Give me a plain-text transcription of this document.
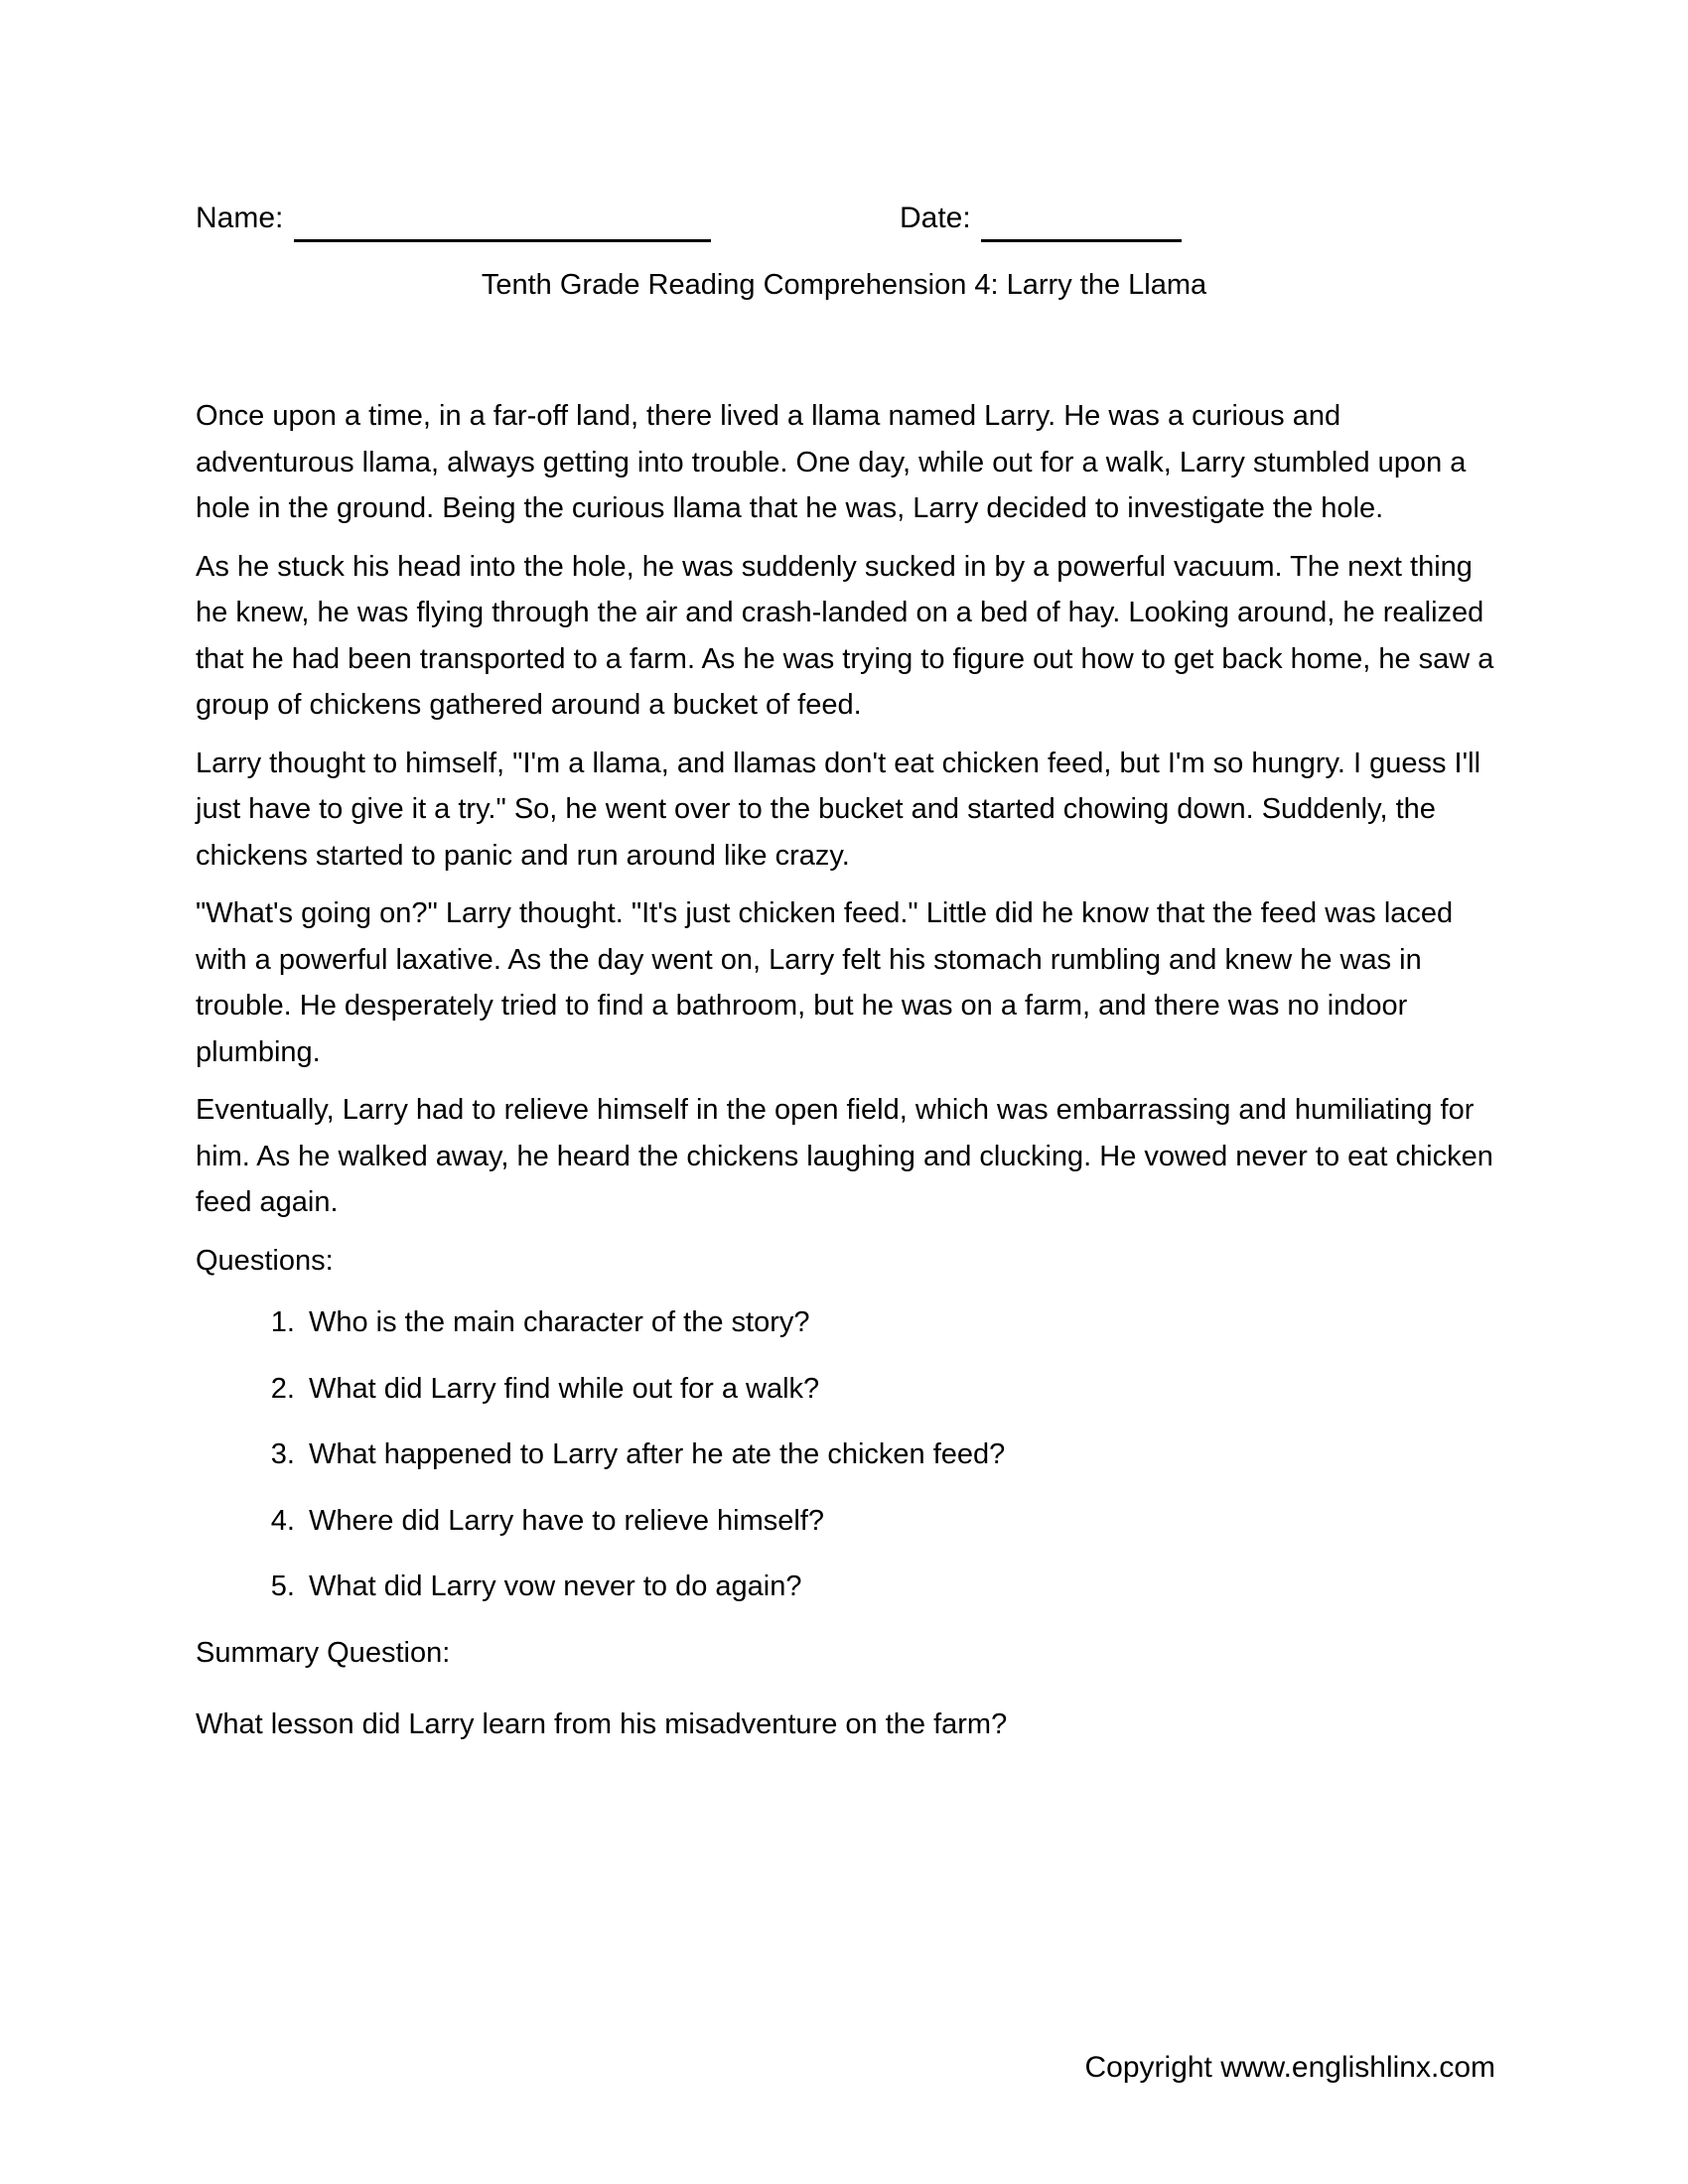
Name:	Date:
Tenth Grade Reading Comprehension 4: Larry the Llama

Once upon a time, in a far-off land, there lived a llama named Larry. He was a curious and adventurous llama, always getting into trouble. One day, while out for a walk, Larry stumbled upon a hole in the ground. Being the curious llama that he was, Larry decided to investigate the hole.

As he stuck his head into the hole, he was suddenly sucked in by a powerful vacuum. The next thing he knew, he was flying through the air and crash-landed on a bed of hay. Looking around, he realized that he had been transported to a farm. As he was trying to figure out how to get back home, he saw a group of chickens gathered around a bucket of feed.

Larry thought to himself, "I'm a llama, and llamas don't eat chicken feed, but I'm so hungry. I guess I'll just have to give it a try." So, he went over to the bucket and started chowing down. Suddenly, the chickens started to panic and run around like crazy.

"What's going on?" Larry thought. "It's just chicken feed." Little did he know that the feed was laced with a powerful laxative. As the day went on, Larry felt his stomach rumbling and knew he was in trouble. He desperately tried to find a bathroom, but he was on a farm, and there was no indoor plumbing.

Eventually, Larry had to relieve himself in the open field, which was embarrassing and humiliating for him. As he walked away, he heard the chickens laughing and clucking. He vowed never to eat chicken feed again.

Questions:

1. Who is the main character of the story?
2. What did Larry find while out for a walk?
3. What happened to Larry after he ate the chicken feed?
4. Where did Larry have to relieve himself?
5. What did Larry vow never to do again?

Summary Question:

What lesson did Larry learn from his misadventure on the farm?

Copyright www.englishlinx.com
